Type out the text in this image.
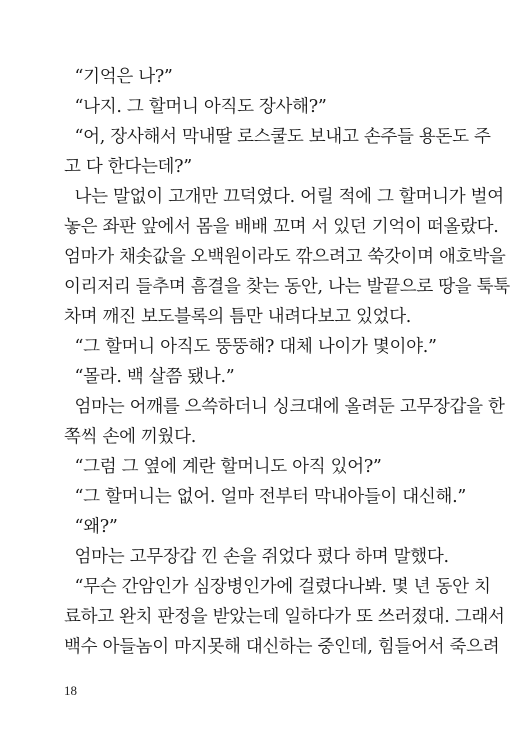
“기억은 나?”
“나지. 그 할머니 아직도 장사해?”
“어, 장사해서 막내딸 로스쿨도 보내고 손주들 용돈도 주
고 다 한다는데?”
나는 말없이 고개만 끄덕였다. 어릴 적에 그 할머니가 벌여
놓은 좌판 앞에서 몸을 배배 꼬며 서 있던 기억이 떠올랐다.
엄마가 채솟값을 오백원이라도 깎으려고 쑥갓이며 애호박을
이리저리 들추며 흠결을 찾는 동안, 나는 발끝으로 땅을 툭툭
차며 깨진 보도블록의 틈만 내려다보고 있었다.
“그 할머니 아직도 뚱뚱해? 대체 나이가 몇이야.”
“몰라. 백 살쯤 됐나.”
엄마는 어깨를 으쓱하더니 싱크대에 올려둔 고무장갑을 한
쪽씩 손에 끼웠다.
“그럼 그 옆에 계란 할머니도 아직 있어?”
“그 할머니는 없어. 얼마 전부터 막내아들이 대신해.”
“왜?”
엄마는 고무장갑 낀 손을 쥐었다 폈다 하며 말했다.
“무슨 간암인가 심장병인가에 걸렸다나봐. 몇 년 동안 치
료하고 완치 판정을 받았는데 일하다가 또 쓰러졌대. 그래서
백수 아들놈이 마지못해 대신하는 중인데, 힘들어서 죽으려
18
